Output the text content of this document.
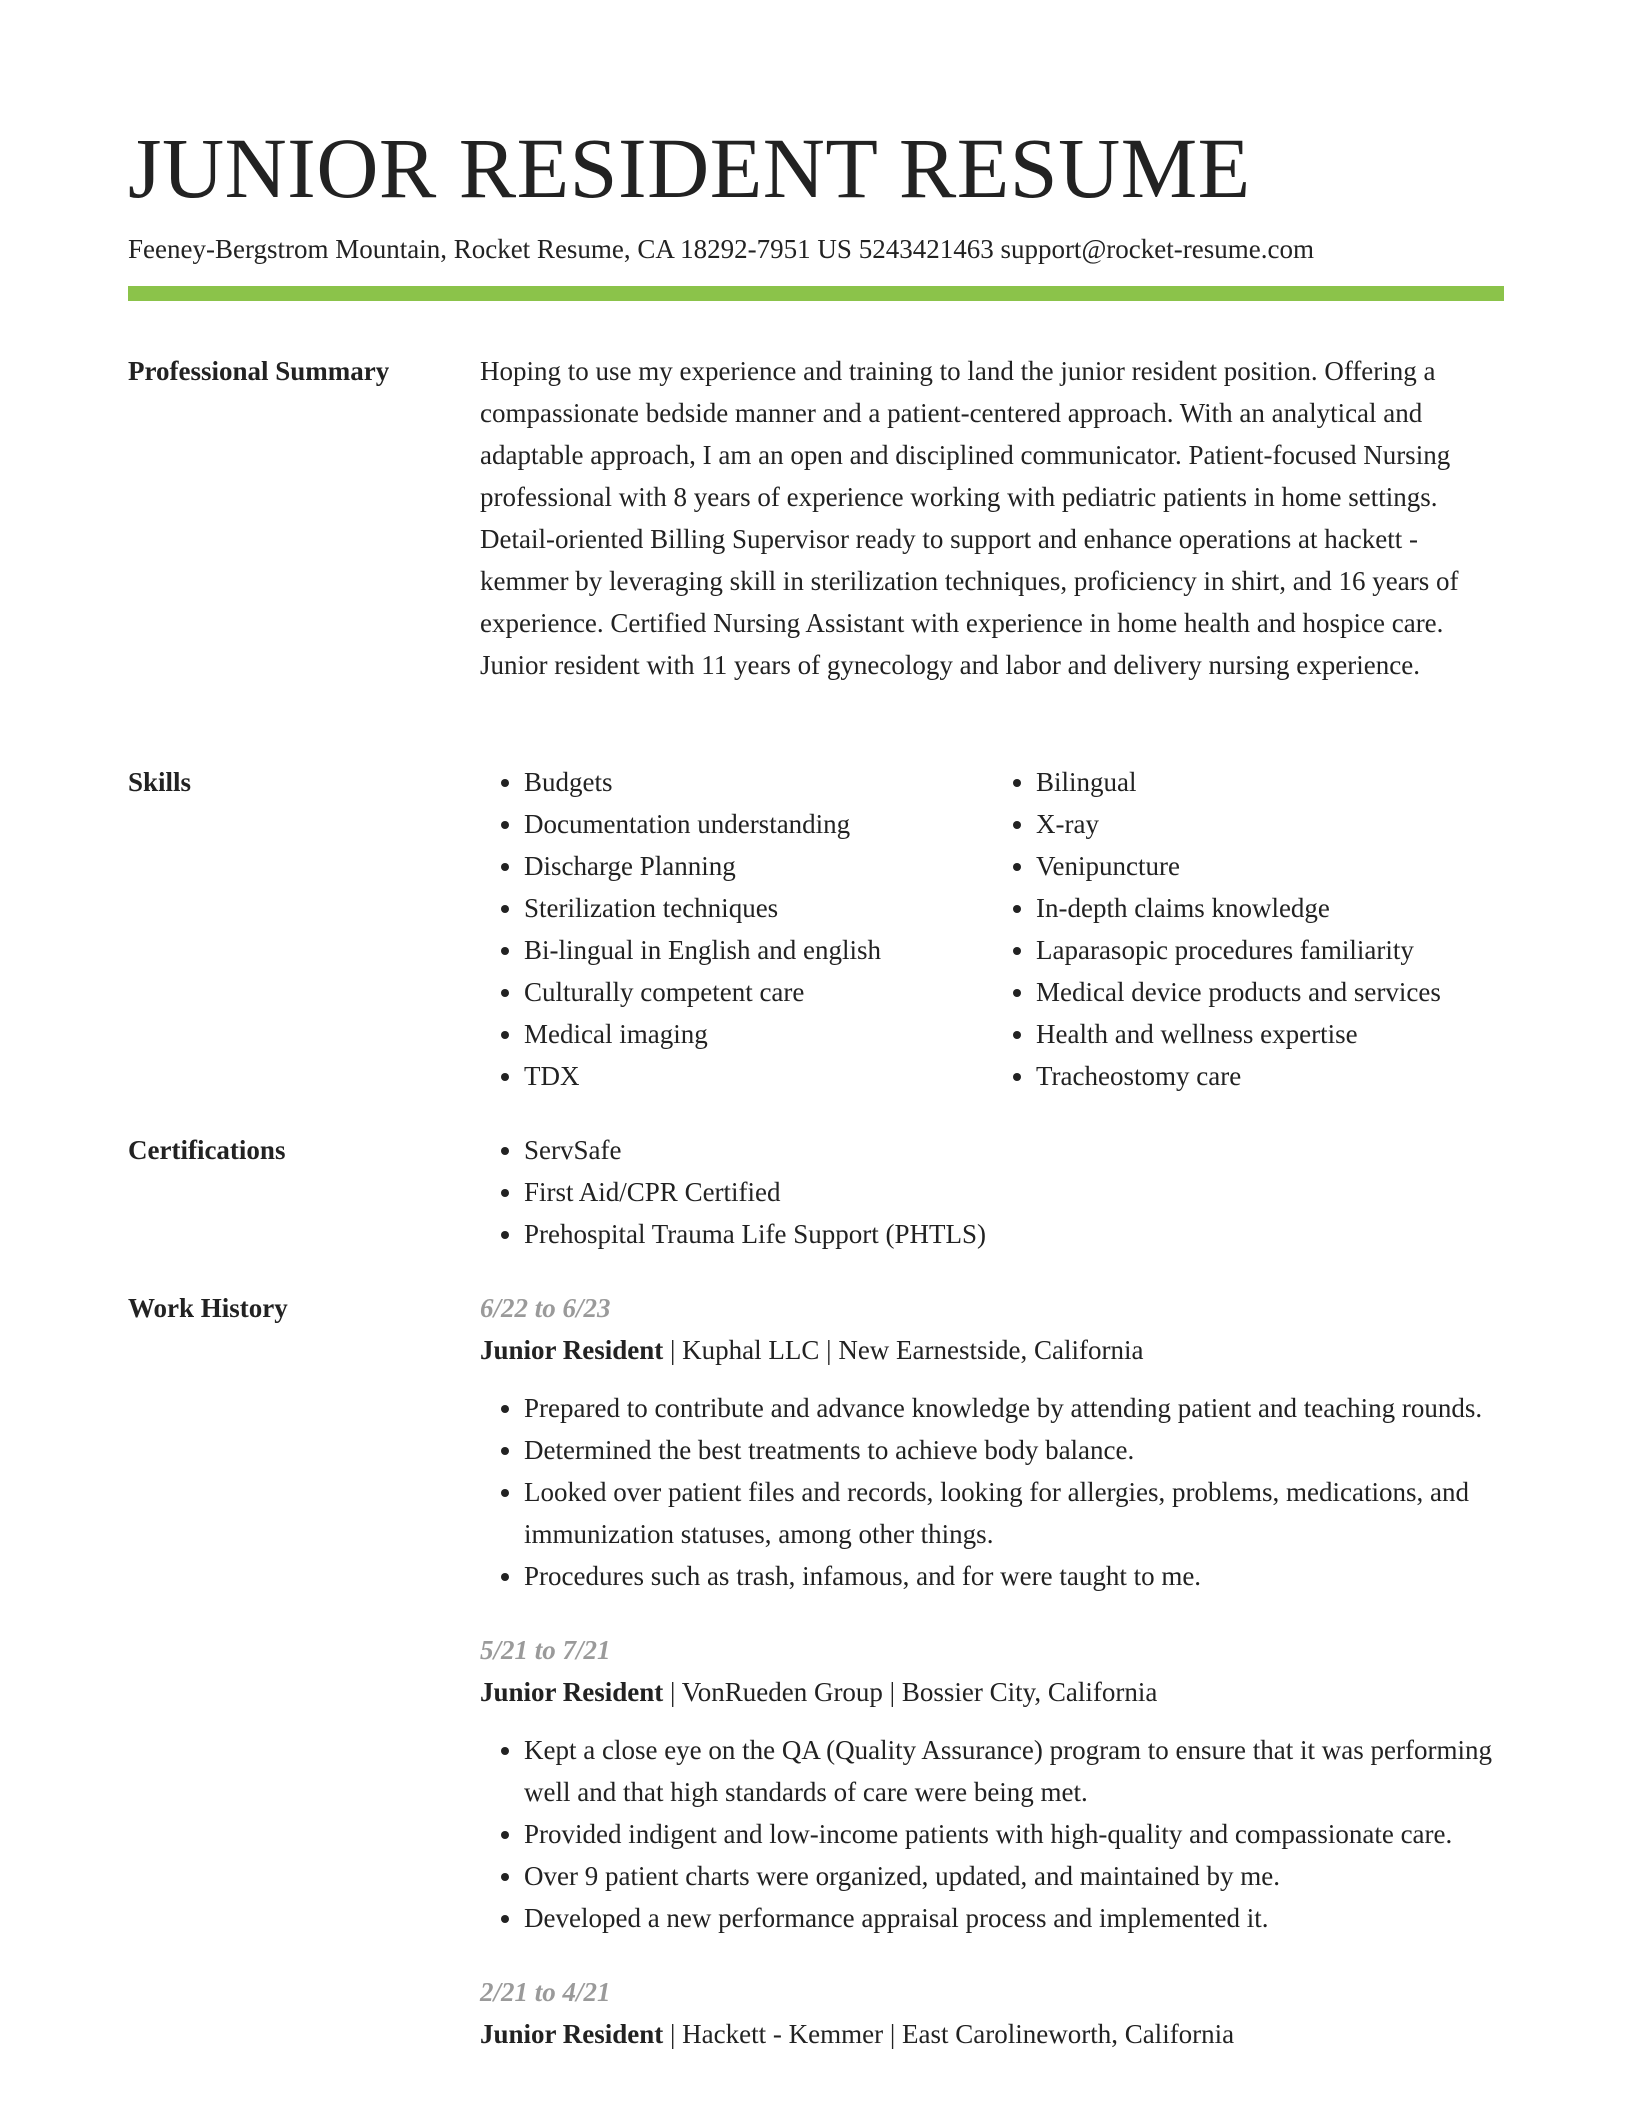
JUNIOR RESIDENT RESUME
Feeney-Bergstrom Mountain, Rocket Resume, CA 18292-7951 US 5243421463 support@rocket-resume.com
Professional Summary	Hoping to use my experience and training to land the junior resident position. Offering a compassionate bedside manner and a patient-centered approach. With an analytical and adaptable approach, I am an open and disciplined communicator. Patient-focused Nursing professional with 8 years of experience working with pediatric patients in home settings. Detail-oriented Billing Supervisor ready to support and enhance operations at hackett - kemmer by leveraging skill in sterilization techniques, proficiency in shirt, and 16 years of experience. Certified Nursing Assistant with experience in home health and hospice care. Junior resident with 11 years of gynecology and labor and delivery nursing experience.

Skills	• Budgets
• Documentation understanding
• Discharge Planning
• Sterilization techniques
• Bi-lingual in English and english
• Culturally competent care
• Medical imaging
• TDX
• Bilingual
• X-ray
• Venipuncture
• In-depth claims knowledge
• Laparasopic procedures familiarity
• Medical device products and services
• Health and wellness expertise
• Tracheostomy care
Certifications	• ServSafe
• First Aid/CPR Certified
• Prehospital Trauma Life Support (PHTLS)
Work History	6/22 to 6/23
Junior Resident | Kuphal LLC | New Earnestside, California
• Prepared to contribute and advance knowledge by attending patient and teaching rounds.
• Determined the best treatments to achieve body balance.
• Looked over patient files and records, looking for allergies, problems, medications, and immunization statuses, among other things.
• Procedures such as trash, infamous, and for were taught to me.
5/21 to 7/21
Junior Resident | VonRueden Group | Bossier City, California
• Kept a close eye on the QA (Quality Assurance) program to ensure that it was performing well and that high standards of care were being met.
• Provided indigent and low-income patients with high-quality and compassionate care.
• Over 9 patient charts were organized, updated, and maintained by me.
• Developed a new performance appraisal process and implemented it.
2/21 to 4/21
Junior Resident | Hackett - Kemmer | East Carolineworth, California
